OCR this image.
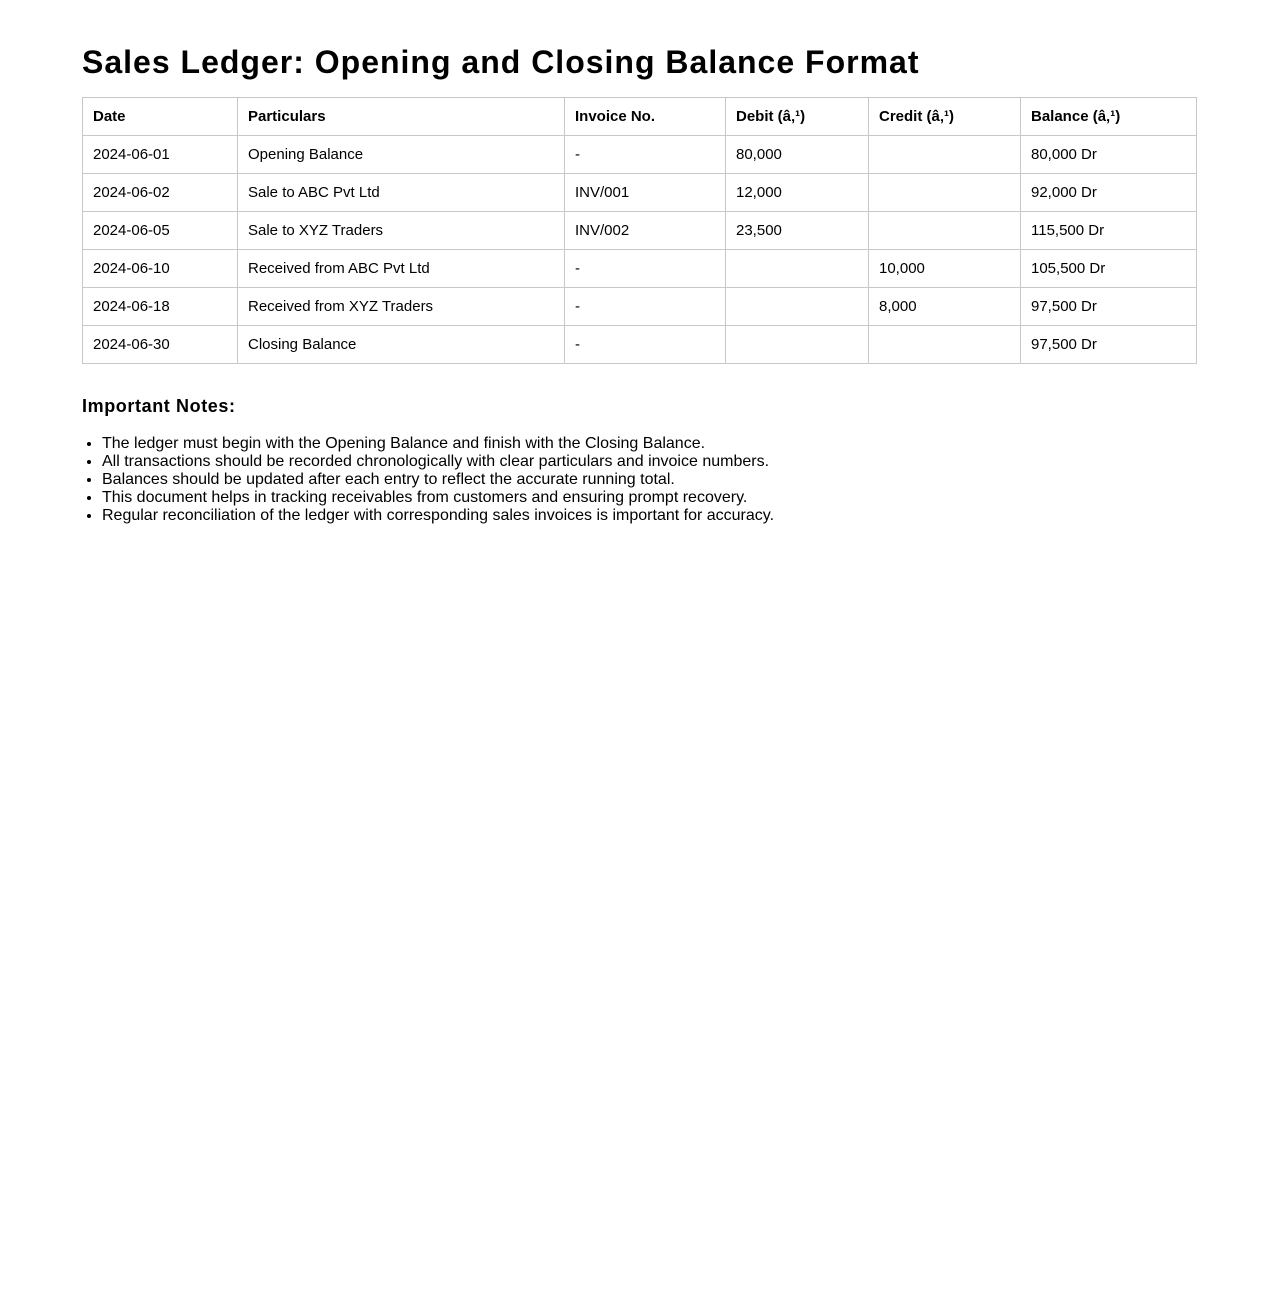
Sales Ledger: Opening and Closing Balance Format
Date	Particulars	Invoice No.	Debit (â‚¹)	Credit (â‚¹)	Balance (â‚¹)
2024-06-01	Opening Balance	-	80,000		80,000 Dr
2024-06-02	Sale to ABC Pvt Ltd	INV/001	12,000		92,000 Dr
2024-06-05	Sale to XYZ Traders	INV/002	23,500		115,500 Dr
2024-06-10	Received from ABC Pvt Ltd	-		10,000	105,500 Dr
2024-06-18	Received from XYZ Traders	-		8,000	97,500 Dr
2024-06-30	Closing Balance	-			97,500 Dr
Important Notes:
• The ledger must begin with the Opening Balance and finish with the Closing Balance.
• All transactions should be recorded chronologically with clear particulars and invoice numbers.
• Balances should be updated after each entry to reflect the accurate running total.
• This document helps in tracking receivables from customers and ensuring prompt recovery.
• Regular reconciliation of the ledger with corresponding sales invoices is important for accuracy.
